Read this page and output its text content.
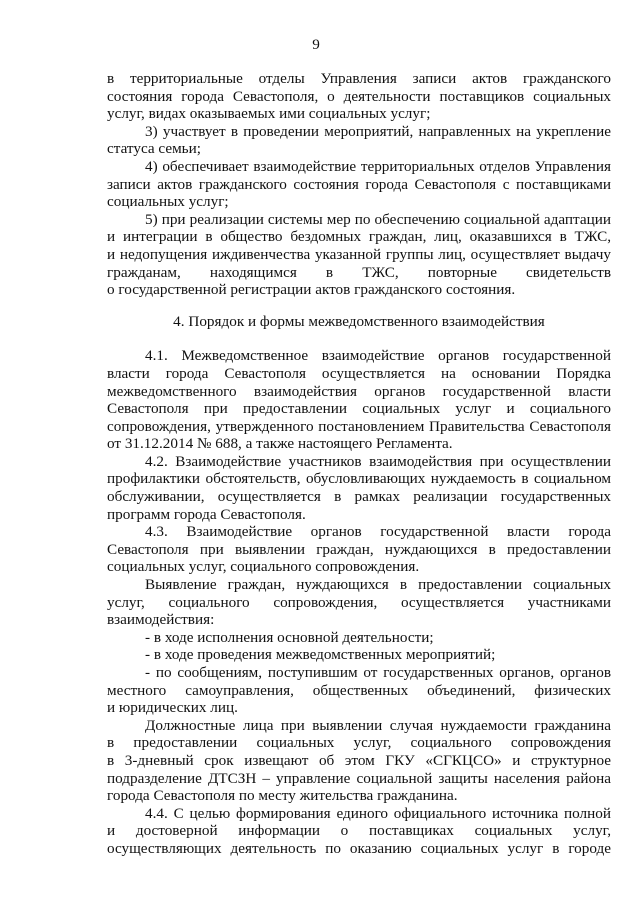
9
в территориальные отделы Управления записи актов гражданского
состояния города Севастополя, о деятельности поставщиков социальных
услуг, видах оказываемых ими социальных услуг;
3) участвует в проведении мероприятий, направленных на укрепление
статуса семьи;
4) обеспечивает взаимодействие территориальных отделов Управления
записи актов гражданского состояния города Севастополя с поставщиками
социальных услуг;
5) при реализации системы мер по обеспечению социальной адаптации
и интеграции в общество бездомных граждан, лиц, оказавшихся в ТЖС,
и недопущения иждивенчества указанной группы лиц, осуществляет выдачу
гражданам, находящимся в ТЖС, повторные свидетельств
о государственной регистрации актов гражданского состояния.
4. Порядок и формы межведомственного взаимодействия
4.1. Межведомственное взаимодействие органов государственной
власти города Севастополя осуществляется на основании Порядка
межведомственного взаимодействия органов государственной власти
Севастополя при предоставлении социальных услуг и социального
сопровождения, утвержденного постановлением Правительства Севастополя
от 31.12.2014 № 688, а также настоящего Регламента.
4.2. Взаимодействие участников взаимодействия при осуществлении
профилактики обстоятельств, обусловливающих нуждаемость в социальном
обслуживании, осуществляется в рамках реализации государственных
программ города Севастополя.
4.3. Взаимодействие органов государственной власти города
Севастополя при выявлении граждан, нуждающихся в предоставлении
социальных услуг, социального сопровождения.
Выявление граждан, нуждающихся в предоставлении социальных
услуг, социального сопровождения, осуществляется участниками
взаимодействия:
- в ходе исполнения основной деятельности;
- в ходе проведения межведомственных мероприятий;
- по сообщениям, поступившим от государственных органов, органов
местного самоуправления, общественных объединений, физических
и юридических лиц.
Должностные лица при выявлении случая нуждаемости гражданина
в предоставлении социальных услуг, социального сопровождения
в 3-дневный срок извещают об этом ГКУ «СГКЦСО» и структурное
подразделение ДТСЗН – управление социальной защиты населения района
города Севастополя по месту жительства гражданина.
4.4. С целью формирования единого официального источника полной
и достоверной информации о поставщиках социальных услуг,
осуществляющих деятельность по оказанию социальных услуг в городе
